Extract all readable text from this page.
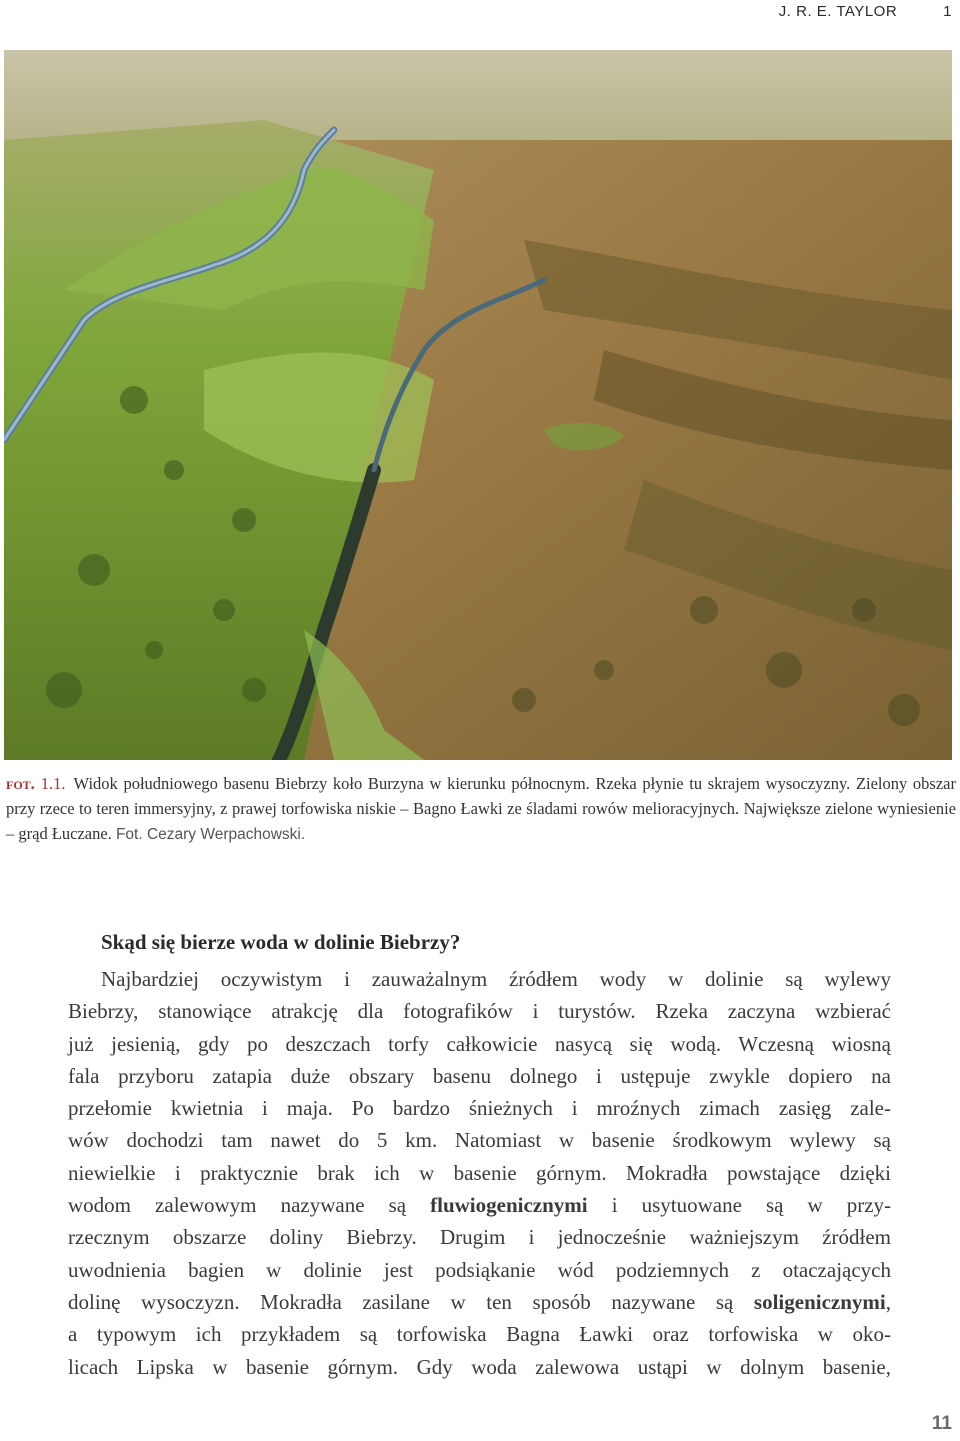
J. R. E. TAYLOR	1
fot. 1.1. Widok południowego basenu Biebrzy koło Burzyna w kierunku północnym. Rzeka płynie tu skrajem wysoczyzny. Zielony obszar przy rzece to teren immersyjny, z prawej torfowiska niskie – Bagno Ławki ze śladami rowów melioracyjnych. Największe zielone wyniesienie – grąd Łuczane. Fot. Cezary Werpachowski.
Skąd się bierze woda w dolinie Biebrzy?
Najbardziej oczywistym i zauważalnym źródłem wody w dolinie są wylewy
Biebrzy, stanowiące atrakcję dla fotografików i turystów. Rzeka zaczyna wzbierać
już jesienią, gdy po deszczach torfy całkowicie nasycą się wodą. Wczesną wiosną
fala przyboru zatapia duże obszary basenu dolnego i ustępuje zwykle dopiero na
przełomie kwietnia i maja. Po bardzo śnieżnych i mroźnych zimach zasięg zale-
wów dochodzi tam nawet do 5 km. Natomiast w basenie środkowym wylewy są
niewielkie i praktycznie brak ich w basenie górnym. Mokradła powstające dzięki
wodom zalewowym nazywane są fluwiogenicznymi i usytuowane są w przy-
rzecznym obszarze doliny Biebrzy. Drugim i jednocześnie ważniejszym źródłem
uwodnienia bagien w dolinie jest podsiąkanie wód podziemnych z otaczających
dolinę wysoczyzn. Mokradła zasilane w ten sposób nazywane są soligenicznymi,
a typowym ich przykładem są torfowiska Bagna Ławki oraz torfowiska w oko-
licach Lipska w basenie górnym. Gdy woda zalewowa ustąpi w dolnym basenie,
11
